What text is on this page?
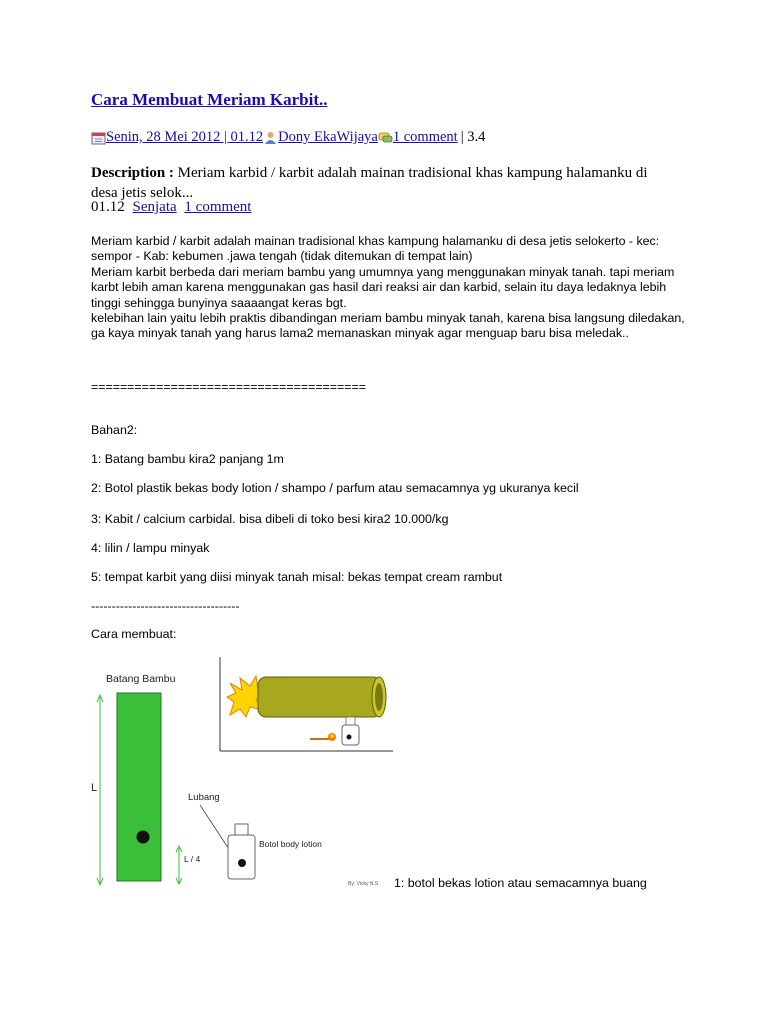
Cara Membuat Meriam Karbit..
Senin, 28 Mei 2012 | 01.12 Dony EkaWijaya 1 comment | 3.4
Description : Meriam karbid / karbit adalah mainan tradisional khas kampung halamanku di desa jetis selok...
01.12 Senjata 1 comment
Meriam karbid / karbit adalah mainan tradisional khas kampung halamanku di desa jetis selokerto - kec: sempor - Kab: kebumen .jawa tengah (tidak ditemukan di tempat lain)
Meriam karbit berbeda dari meriam bambu yang umumnya yang menggunakan minyak tanah. tapi meriam karbt lebih aman karena menggunakan gas hasil dari reaksi air dan karbid, selain itu daya ledaknya lebih tinggi sehingga bunyinya saaaangat keras bgt.
kelebihan lain yaitu lebih praktis dibandingan meriam bambu minyak tanah, karena bisa langsung diledakan, ga kaya minyak tanah yang harus lama2 memanaskan minyak agar menguap baru bisa meledak..
======================================
Bahan2:
1: Batang bambu kira2 panjang 1m
2: Botol plastik bekas body lotion / shampo / parfum atau semacamnya yg ukuranya kecil
3: Kabit / calcium carbidal. bisa dibeli di toko besi kira2 10.000/kg
4: lilin / lampu minyak
5: tempat karbit yang diisi minyak tanah misal: bekas tempat cream rambut
------------------------------------
Cara membuat:
Batang Bambu
L
L / 4
Lubang
Botol body lotion
By: Vicky N.S 1: botol bekas lotion atau semacamnya buang
